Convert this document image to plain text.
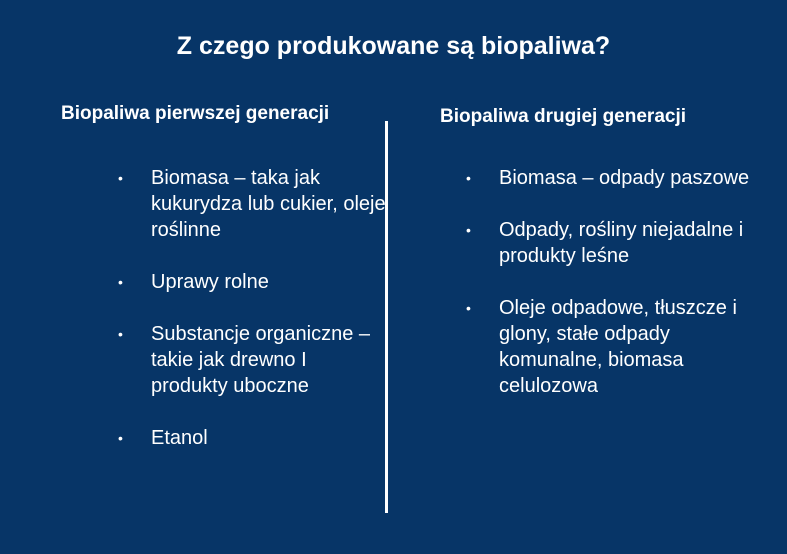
Z czego produkowane są biopaliwa?
Biopaliwa pierwszej generacji	Biopaliwa drugiej generacji
• Biomasa – taka jak kukurydza lub cukier, oleje roślinne
• Uprawy rolne
• Substancje organiczne – takie jak drewno I produkty uboczne
• Etanol
• Biomasa – odpady paszowe
• Odpady, rośliny niejadalne i produkty leśne
• Oleje odpadowe, tłuszcze i glony, stałe odpady komunalne, biomasa celulozowa
